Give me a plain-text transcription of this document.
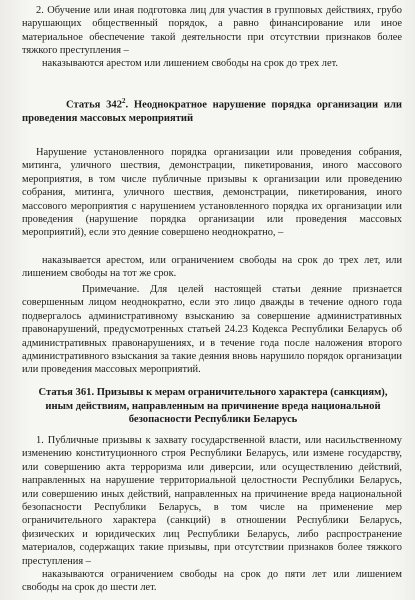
2. Обучение или иная подготовка лиц для участия в групповых действиях, грубо нарушающих общественный порядок, а равно финансирование или иное материальное обеспечение такой деятельности при отсутствии признаков более тяжкого преступления –

наказываются арестом или лишением свободы на срок до трех лет.

Статья $342^2$. Неоднократное нарушение порядка организации или проведения массовых мероприятий

Нарушение установленного порядка организации или проведения собрания, митинга, уличного шествия, демонстрации, пикетирования, иного массового мероприятия, в том числе публичные призывы к организации или проведению собрания, митинга, уличного шествия, демонстрации, пикетирования, иного массового мероприятия с нарушением установленного порядка их организации или проведения (нарушение порядка организации или проведения массовых мероприятий), если это деяние совершено неоднократно, –

наказывается арестом, или ограничением свободы на срок до трех лет, или лишением свободы на тот же срок.

Примечание. Для целей настоящей статьи деяние признается совершенным лицом неоднократно, если это лицо дважды в течение одного года подвергалось административному взысканию за совершение административных правонарушений, предусмотренных статьей 24.23 Кодекса Республики Беларусь об административных правонарушениях, и в течение года после наложения второго административного взыскания за такие деяния вновь нарушило порядок организации или проведения массовых мероприятий.

Статья 361. Призывы к мерам ограничительного характера (санкциям), иным действиям, направленным на причинение вреда национальной безопасности Республики Беларусь

1. Публичные призывы к захвату государственной власти, или насильственному изменению конституционного строя Республики Беларусь, или измене государству, или совершению акта терроризма или диверсии, или осуществлению действий, направленных на нарушение территориальной целостности Республики Беларусь, или совершению иных действий, направленных на причинение вреда национальной безопасности Республики Беларусь, в том числе на применение мер ограничительного характера (санкций) в отношении Республики Беларусь, физических и юридических лиц Республики Беларусь, либо распространение материалов, содержащих такие призывы, при отсутствии признаков более тяжкого преступления –

наказываются ограничением свободы на срок до пяти лет или лишением свободы на срок до шести лет.
